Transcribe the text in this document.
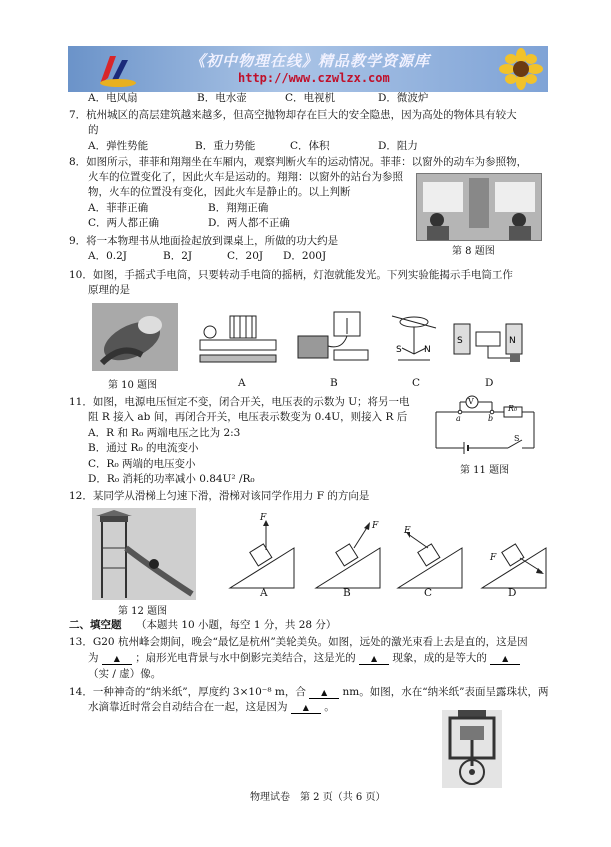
《初中物理在线》精品教学资源库
http://www.czwlzx.com
A．电风扇	B．电水壶	C．电视机	D．微波炉
7．杭州城区的高层建筑越来越多，但高空抛物却存在巨大的安全隐患，因为高处的物体具有较大
的
A．弹性势能	B．重力势能	C．体积	D．阻力
8．如图所示，菲菲和翔翔坐在车厢内，观察判断火车的运动情况。菲菲：以窗外的动车为参照物，
火车的位置变化了，因此火车是运动的。翔翔：以窗外的站台为参照
物，火车的位置没有变化，因此火车是静止的。以上判断
A．菲菲正确	B．翔翔正确
C．两人都正确	D．两人都不正确
第 8 题图
9．将一本物理书从地面捡起放到课桌上，所做的功大约是
A．0.2J	B．2J	C．20J D．200J
10．如图，手摇式手电筒，只要转动手电筒的摇柄，灯泡就能发光。下列实验能揭示手电筒工作
原理的是
第 10 题图
S N
S	N
A	B	C	D
11．如图，电源电压恒定不变，闭合开关，电压表的示数为 U；将另一电
阻 R 接入 ab 间，再闭合开关，电压表示数变为 0.4U，则接入 R 后
A．R 和 R₀ 两端电压之比为 2:3
B．通过 R₀ 的电流变小
C．R₀ 两端的电压变小
D．R₀ 消耗的功率减小 0.84U² /R₀
V
R₀
a	b
S
第 11 题图
12．某同学从滑梯上匀速下滑，滑梯对该同学作用力 F 的方向是
第 12 题图
F
F	F
F
A	B	C	D
二、填空题 （本题共 10 小题，每空 1 分，共 28 分）
13．G20 杭州峰会期间，晚会“最忆是杭州”美轮美奂。如图，远处的激光束看上去是直的，这是因
为 ▲ ；扇形光电背景与水中倒影完美结合，这是光的 ▲ 现象，成的是等大的 ▲
（实 / 虚）像。
14．一种神奇的“纳米纸”，厚度约 3×10⁻⁸ m，合 ▲ nm。如图，水在“纳米纸”表面呈露珠状，两
水滴靠近时常会自动结合在一起，这是因为 ▲ 。
物理试卷　第 2 页（共 6 页）
